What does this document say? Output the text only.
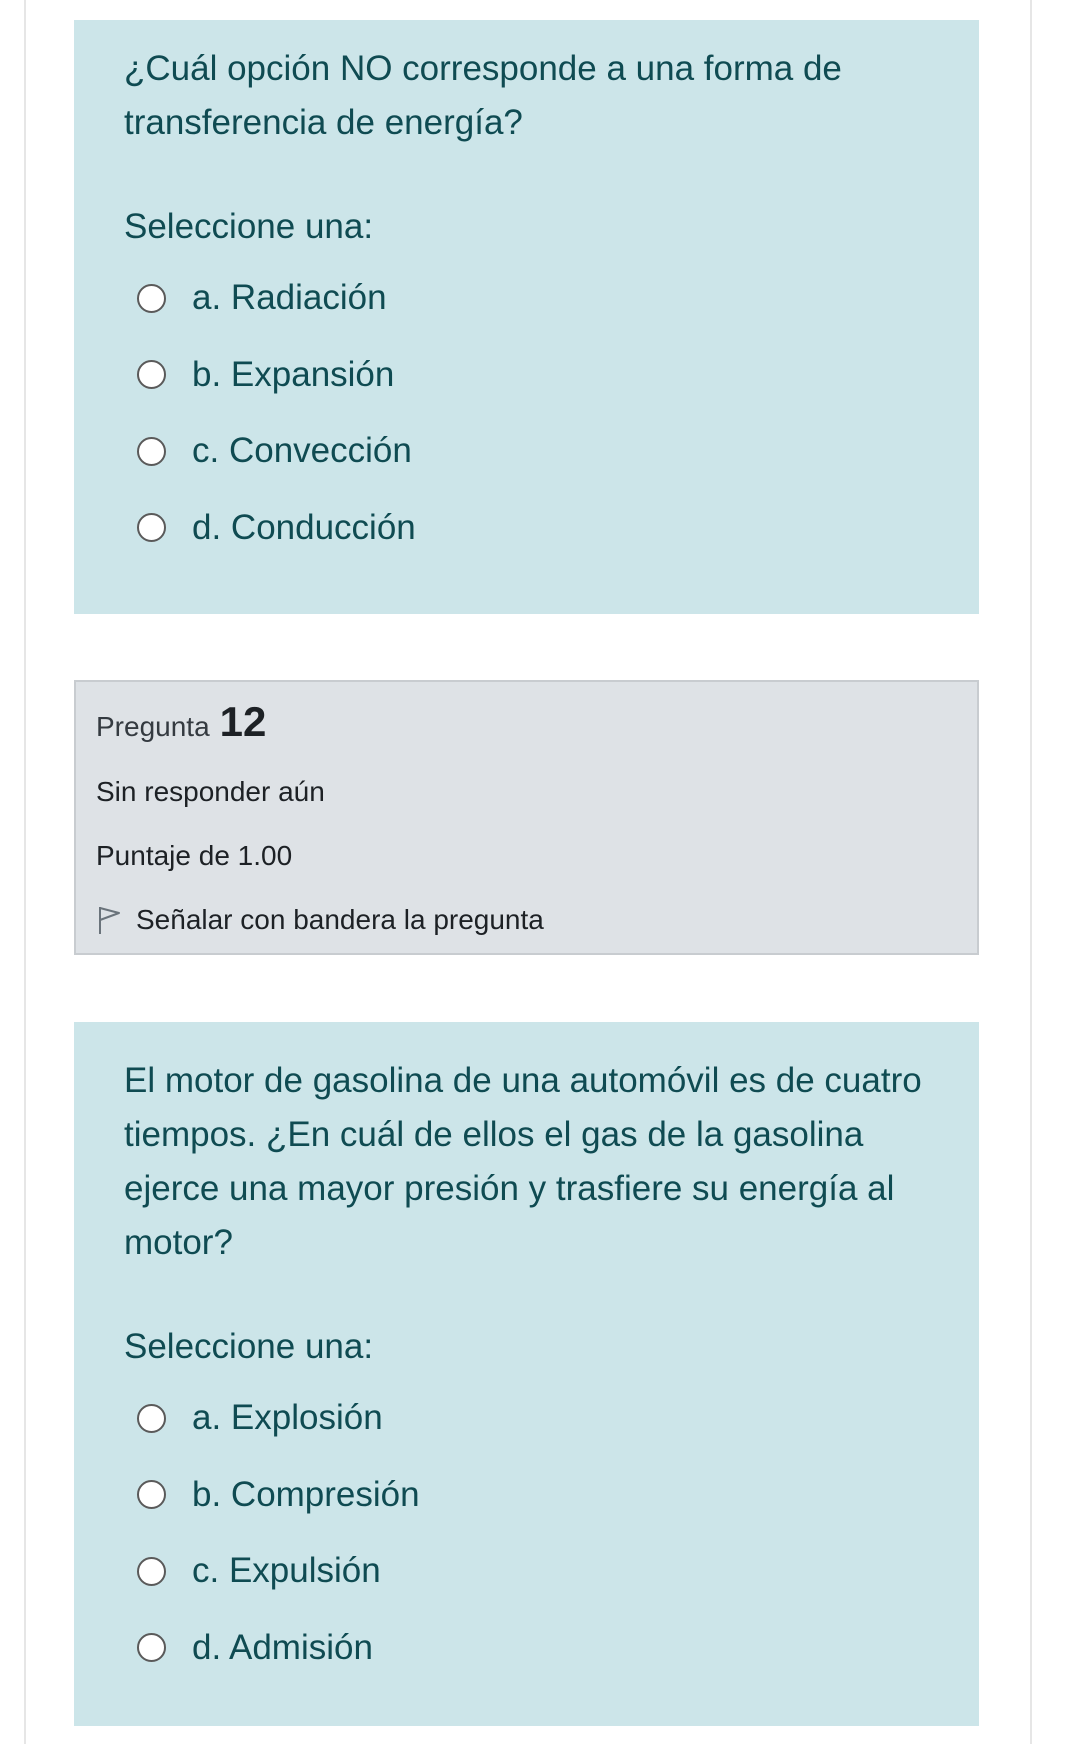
¿Cuál opción NO corresponde a una forma de transferencia de energía?

Seleccione una:
a. Radiación
b. Expansión
c. Convección
d. Conducción
Pregunta 12
Sin responder aún
Puntaje de 1.00
Señalar con bandera la pregunta

El motor de gasolina de una automóvil es de cuatro tiempos. ¿En cuál de ellos el gas de la gasolina ejerce una mayor presión y trasfiere su energía al motor?

Seleccione una:
a. Explosión
b. Compresión
c. Expulsión
d. Admisión
